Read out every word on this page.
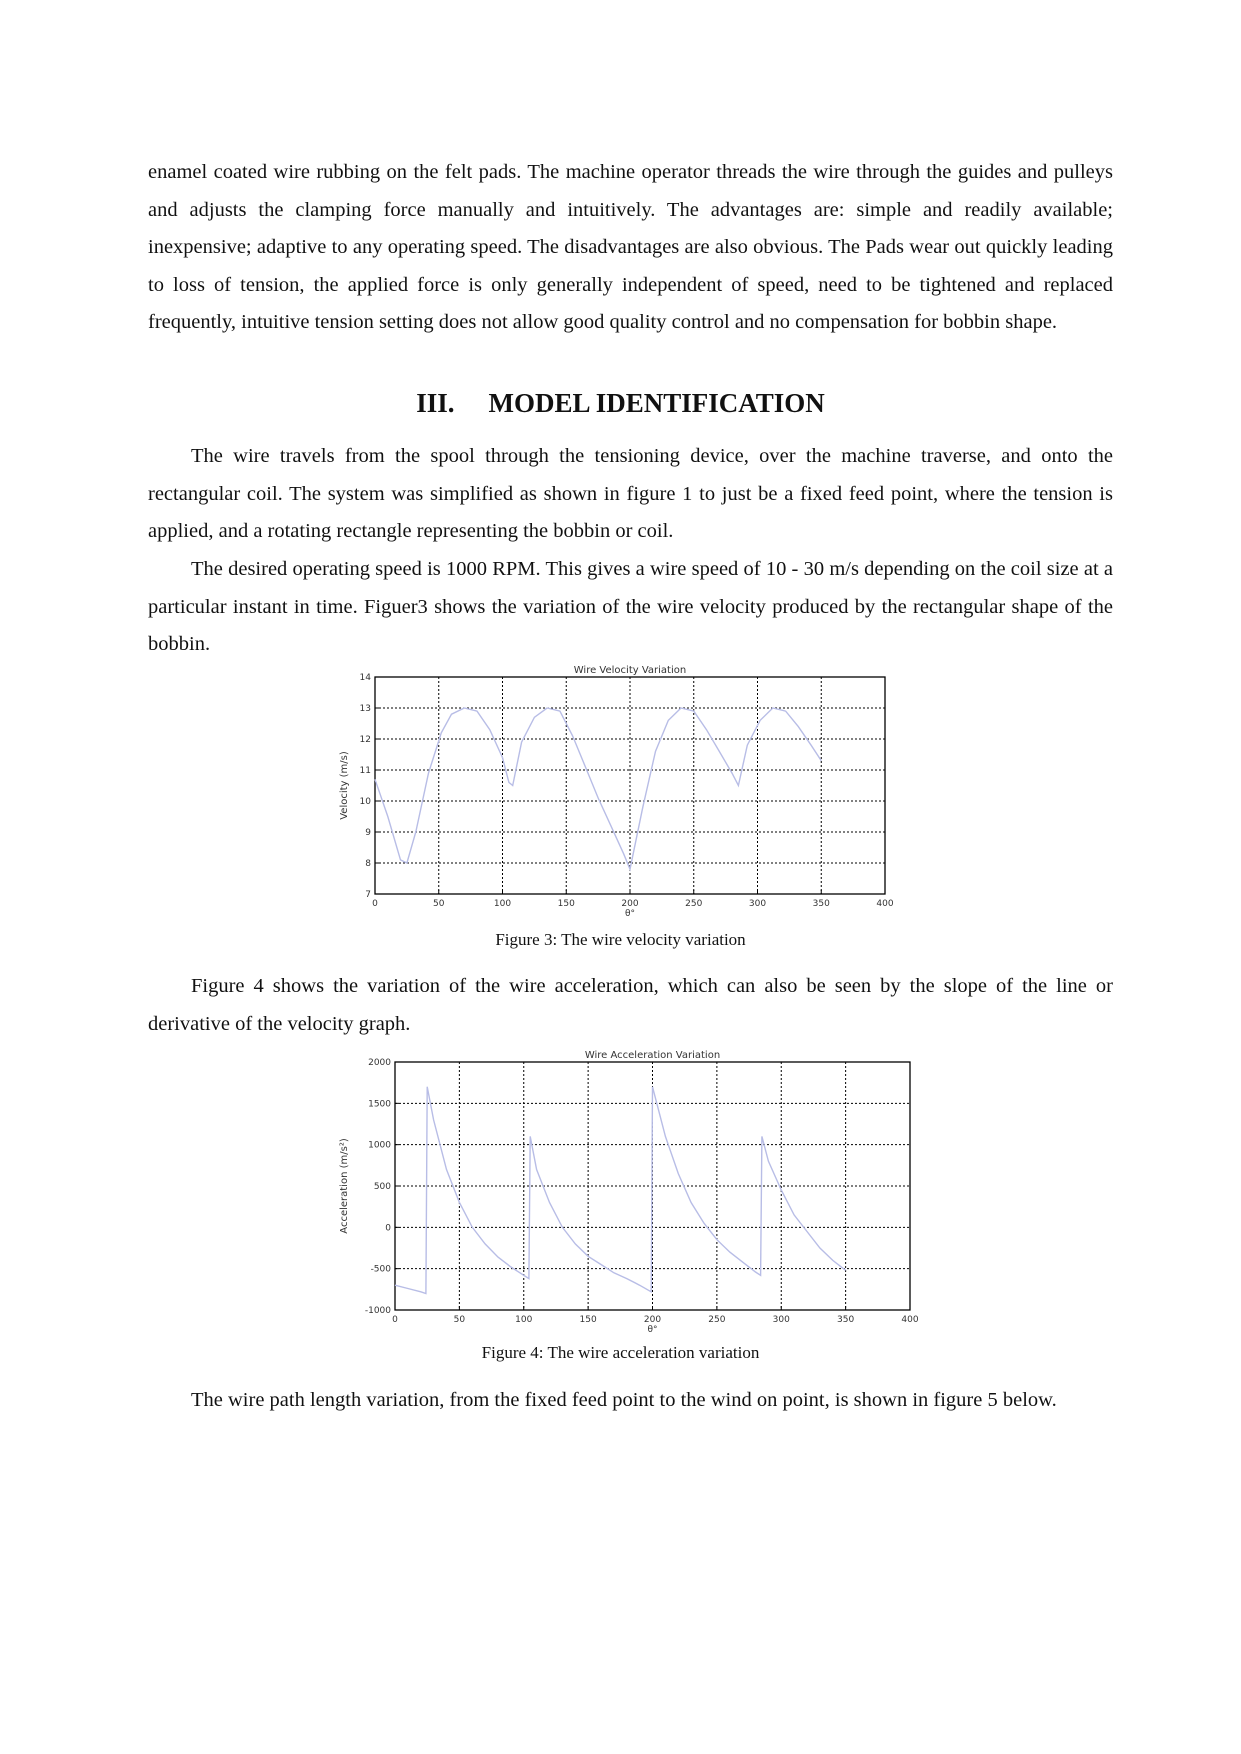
enamel coated wire rubbing on the felt pads. The machine operator threads the wire through the guides and pulleys and adjusts the clamping force manually and intuitively. The advantages are: simple and readily available; inexpensive; adaptive to any operating speed. The disadvantages are also obvious. The Pads wear out quickly leading to loss of tension, the applied force is only generally independent of speed, need to be tightened and replaced frequently, intuitive tension setting does not allow good quality control and no compensation for bobbin shape.

III. MODEL IDENTIFICATION

The wire travels from the spool through the tensioning device, over the machine traverse, and onto the rectangular coil. The system was simplified as shown in figure 1 to just be a fixed feed point, where the tension is applied, and a rotating rectangle representing the bobbin or coil.

The desired operating speed is 1000 RPM. This gives a wire speed of 10 - 30 m/s depending on the coil size at a particular instant in time. Figuer3 shows the variation of the wire velocity produced by the rectangular shape of the bobbin.

0	50	100	150	200	250	300	350	400
7
8
9
10
11
12
13
14
Wire Velocity Variation
θ°
Velocity (m/s)

Figure 3: The wire velocity variation

Figure 4 shows the variation of the wire acceleration, which can also be seen by the slope of the line or derivative of the velocity graph.

0	50	100	150	200	250	300	350	400
-1000
-500
0
500
1000
1500
2000
Wire Acceleration Variation
θ°
Acceleration (m/s²)

Figure 4: The wire acceleration variation

The wire path length variation, from the fixed feed point to the wind on point, is shown in figure 5 below.
